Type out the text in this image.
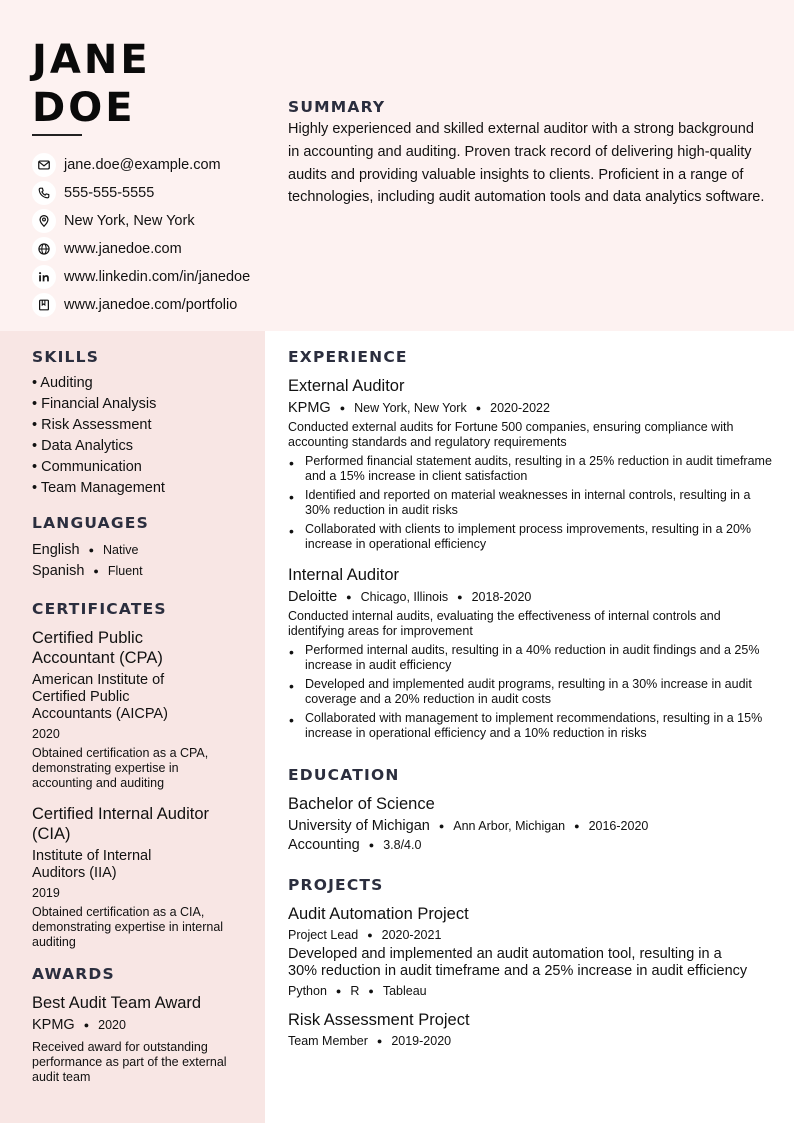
JANE
DOE
jane.doe@example.com
555-555-5555
New York, New York
www.janedoe.com
www.linkedin.com/in/janedoe
www.janedoe.com/portfolio
SUMMARY
Highly experienced and skilled external auditor with a strong background in accounting and auditing. Proven track record of delivering high-quality audits and providing valuable insights to clients. Proficient in a range of technologies, including audit automation tools and data analytics software.
SKILLS
• Auditing
• Financial Analysis
• Risk Assessment
• Data Analytics
• Communication
• Team Management
LANGUAGES
English ● Native
Spanish ● Fluent
CERTIFICATES
Certified Public Accountant (CPA)
American Institute of Certified Public Accountants (AICPA)
2020
Obtained certification as a CPA, demonstrating expertise in accounting and auditing
Certified Internal Auditor (CIA)
Institute of Internal Auditors (IIA)
2019
Obtained certification as a CIA, demonstrating expertise in internal auditing
AWARDS
Best Audit Team Award
KPMG ● 2020
Received award for outstanding performance as part of the external audit team
EXPERIENCE
External Auditor
KPMG ● New York, New York ● 2020-2022
Conducted external audits for Fortune 500 companies, ensuring compliance with accounting standards and regulatory requirements
• Performed financial statement audits, resulting in a 25% reduction in audit timeframe and a 15% increase in client satisfaction
• Identified and reported on material weaknesses in internal controls, resulting in a 30% reduction in audit risks
• Collaborated with clients to implement process improvements, resulting in a 20% increase in operational efficiency
Internal Auditor
Deloitte ● Chicago, Illinois ● 2018-2020
Conducted internal audits, evaluating the effectiveness of internal controls and identifying areas for improvement
• Performed internal audits, resulting in a 40% reduction in audit findings and a 25% increase in audit efficiency
• Developed and implemented audit programs, resulting in a 30% increase in audit coverage and a 20% reduction in audit costs
• Collaborated with management to implement recommendations, resulting in a 15% increase in operational efficiency and a 10% reduction in risks
EDUCATION
Bachelor of Science
University of Michigan ● Ann Arbor, Michigan ● 2016-2020
Accounting ● 3.8/4.0
PROJECTS
Audit Automation Project
Project Lead ● 2020-2021
Developed and implemented an audit automation tool, resulting in a 30% reduction in audit timeframe and a 25% increase in audit efficiency
Python ● R ● Tableau
Risk Assessment Project
Team Member ● 2019-2020
